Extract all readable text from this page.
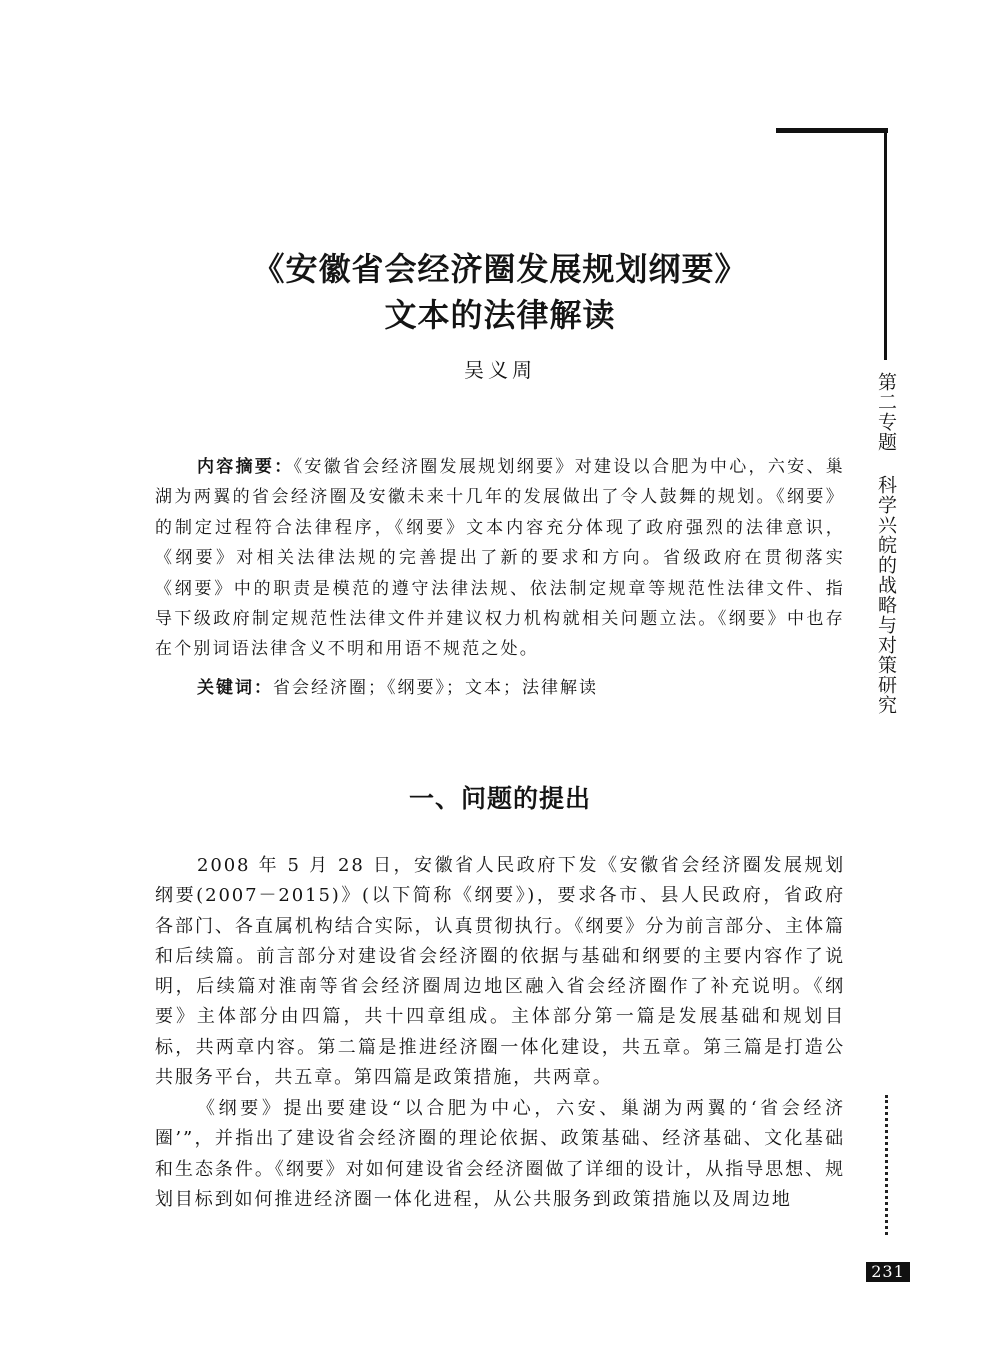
第二专题 科学兴皖的战略与对策研究
231
《安徽省会经济圈发展规划纲要》
文本的法律解读
吴义周
内容摘要：《安徽省会经济圈发展规划纲要》对建设以合肥为中心，六安、巢湖为两翼的省会经济圈及安徽未来十几年的发展做出了令人鼓舞的规划。《纲要》的制定过程符合法律程序，《纲要》文本内容充分体现了政府强烈的法律意识，《纲要》对相关法律法规的完善提出了新的要求和方向。省级政府在贯彻落实《纲要》中的职责是模范的遵守法律法规、依法制定规章等规范性法律文件、指导下级政府制定规范性法律文件并建议权力机构就相关问题立法。《纲要》中也存在个别词语法律含义不明和用语不规范之处。
关键词：省会经济圈；《纲要》；文本；法律解读
一、问题的提出
2008 年 5 月 28 日，安徽省人民政府下发《安徽省会经济圈发展规划纲要(2007－2015)》(以下简称《纲要》)，要求各市、县人民政府，省政府各部门、各直属机构结合实际，认真贯彻执行。《纲要》分为前言部分、主体篇和后续篇。前言部分对建设省会经济圈的依据与基础和纲要的主要内容作了说明，后续篇对淮南等省会经济圈周边地区融入省会经济圈作了补充说明。《纲要》主体部分由四篇，共十四章组成。主体部分第一篇是发展基础和规划目标，共两章内容。第二篇是推进经济圈一体化建设，共五章。第三篇是打造公共服务平台，共五章。第四篇是政策措施，共两章。
《纲要》提出要建设“以合肥为中心，六安、巢湖为两翼的‘省会经济圈’”，并指出了建设省会经济圈的理论依据、政策基础、经济基础、文化基础和生态条件。《纲要》对如何建设省会经济圈做了详细的设计，从指导思想、规划目标到如何推进经济圈一体化进程，从公共服务到政策措施以及周边地
